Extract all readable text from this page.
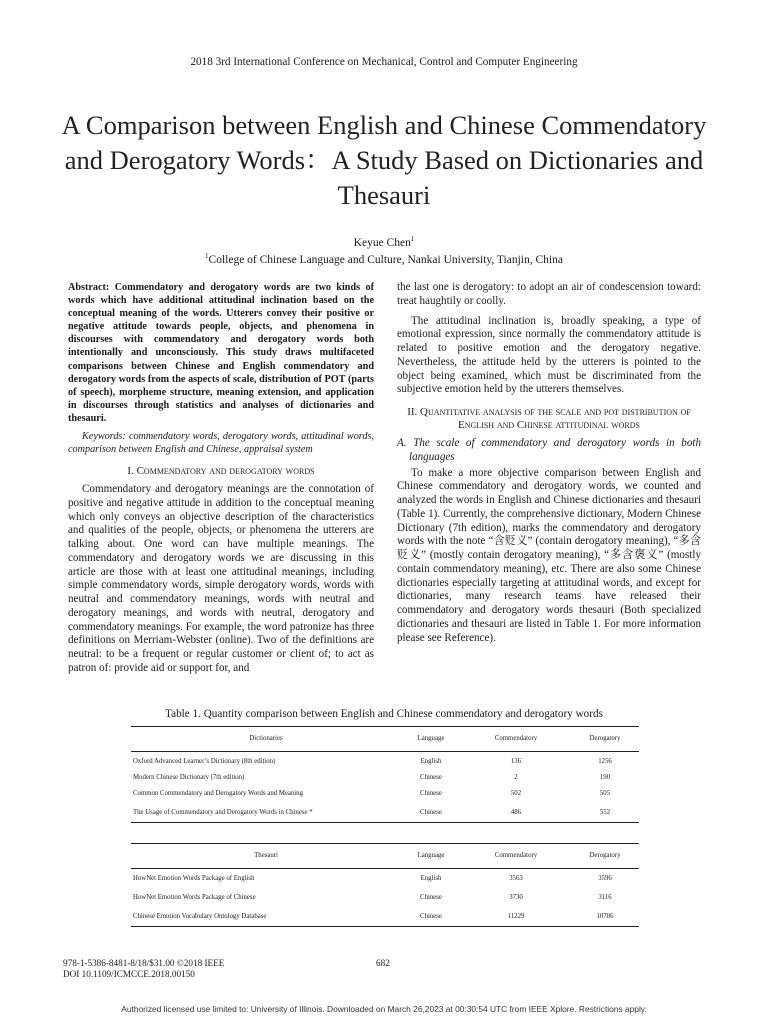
2018 3rd International Conference on Mechanical, Control and Computer Engineering
A Comparison between English and Chinese Commendatory and Derogatory Words：A Study Based on Dictionaries and Thesauri
Keyue Chen$^1$
$^1$College of Chinese Language and Culture, Nankai University, Tianjin, China

Abstract: Commendatory and derogatory words are two kinds of words which have additional attitudinal inclination based on the conceptual meaning of the words. Utterers convey their positive or negative attitude towards people, objects, and phenomena in discourses with commendatory and derogatory words both intentionally and unconsciously. This study draws multifaceted comparisons between Chinese and English commendatory and derogatory words from the aspects of scale, distribution of POT (parts of speech), morpheme structure, meaning extension, and application in discourses through statistics and analyses of dictionaries and thesauri.

Keywords: commendatory words, derogatory words, attitudinal words, comparison between English and Chinese, appraisal system

I. Commendatory and derogatory words

Commendatory and derogatory meanings are the connotation of positive and negative attitude in addition to the conceptual meaning which only conveys an objective description of the characteristics and qualities of the people, objects, or phenomena the utterers are talking about. One word can have multiple meanings. The commendatory and derogatory words we are discussing in this article are those with at least one attitudinal meanings, including simple commendatory words, simple derogatory words, words with neutral and commendatory meanings, words with neutral and derogatory meanings, and words with neutral, derogatory and commendatory meanings. For example, the word patronize has three definitions on Merriam-Webster (online). Two of the definitions are neutral: to be a frequent or regular customer or client of; to act as patron of: provide aid or support for, and

the last one is derogatory: to adopt an air of condescension toward: treat haughtily or coolly.

The attitudinal inclination is, broadly speaking, a type of emotional expression, since normally the commendatory attitude is related to positive emotion and the derogatory negative. Nevertheless, the attitude held by the utterers is pointed to the object being examined, which must be discriminated from the subjective emotion held by the utterers themselves.

II. Quantitative analysis of the scale and pot distribution of English and Chinese attitudinal words

A. The scale of commendatory and derogatory words in both languages

To make a more objective comparison between English and Chinese commendatory and derogatory words, we counted and analyzed the words in English and Chinese dictionaries and thesauri (Table 1). Currently, the comprehensive dictionary, Modern Chinese Dictionary (7th edition), marks the commendatory and derogatory words with the note “含贬义” (contain derogatory meaning), “多含贬义” (mostly contain derogatory meaning), “多含褒义” (mostly contain commendatory meaning), etc. There are also some Chinese dictionaries especially targeting at attitudinal words, and except for dictionaries, many research teams have released their commendatory and derogatory words thesauri (Both specialized dictionaries and thesauri are listed in Table 1. For more information please see Reference).

Table 1. Quantity comparison between English and Chinese commendatory and derogatory words
Dictionaries	Language	Commendatory	Derogatory
Oxford Advanced Learner’s Dictionary (8th edition)	English	136	1256
Modern Chinese Dictionary (7th edition)	Chinese	2	190
Common Commendatory and Derogatory Words and Meaning	Chinese	502	505
The Usage of Commendatory and Derogatory Words in Chinese *	Chinese	486	552
Thesauri	Language	Commendatory	Derogatory
HowNet Emotion Words Package of English	English	3563	3596
HowNet Emotion Words Package of Chinese	Chinese	3730	3116
Chinese Emotion Vocabulary Ontology Database	Chinese	11229	10786
978-1-5386-8481-8/18/$31.00 ©2018 IEEE
DOI 10.1109/ICMCCE.2018.00150
682
Authorized licensed use limited to: University of Illinois. Downloaded on March 26,2023 at 00:30:54 UTC from IEEE Xplore. Restrictions apply.
